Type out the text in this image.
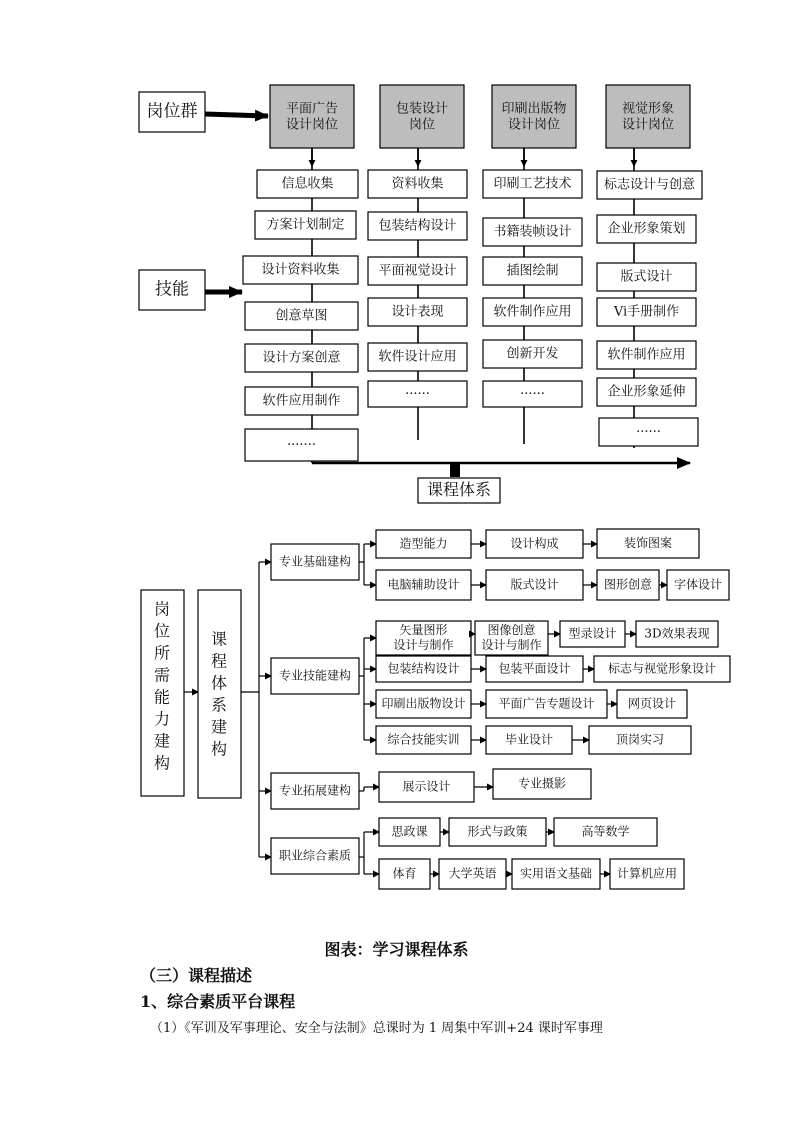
岗位群
技能
平面广告
设计岗位
信息收集
方案计划制定
设计资料收集
创意草图
设计方案创意
软件应用制作
·······
包装设计
岗位
资料收集
包装结构设计
平面视觉设计
设计表现
软件设计应用
······
印刷出版物
设计岗位
印刷工艺技术
书籍装帧设计
插图绘制
软件制作应用
创新开发
······
视觉形象
设计岗位
标志设计与创意
企业形象策划
版式设计
Vi手册制作
软件制作应用
企业形象延伸
······
课程体系
岗
位
所
需
能
力
建
构
课
程
体
系
建
构
专业基础建构
造型能力	设计构成	装饰图案
电脑辅助设计	版式设计	图形创意 字体设计
专业技能建构
矢量图形
设计与制作
图像创意
设计与制作
型录设计 3D效果表现
包装结构设计	包装平面设计	标志与视觉形象设计
印刷出版物设计	平面广告专题设计	网页设计
综合技能实训	毕业设计	顶岗实习
专业拓展建构	展示设计	专业摄影
职业综合素质
思政课	形式与政策	高等数学
体育	大学英语 实用语文基础 计算机应用
图表：学习课程体系
（三）课程描述
1、综合素质平台课程
（1）《军训及军事理论、安全与法制》总课时为 1 周集中军训+24 课时军事理
